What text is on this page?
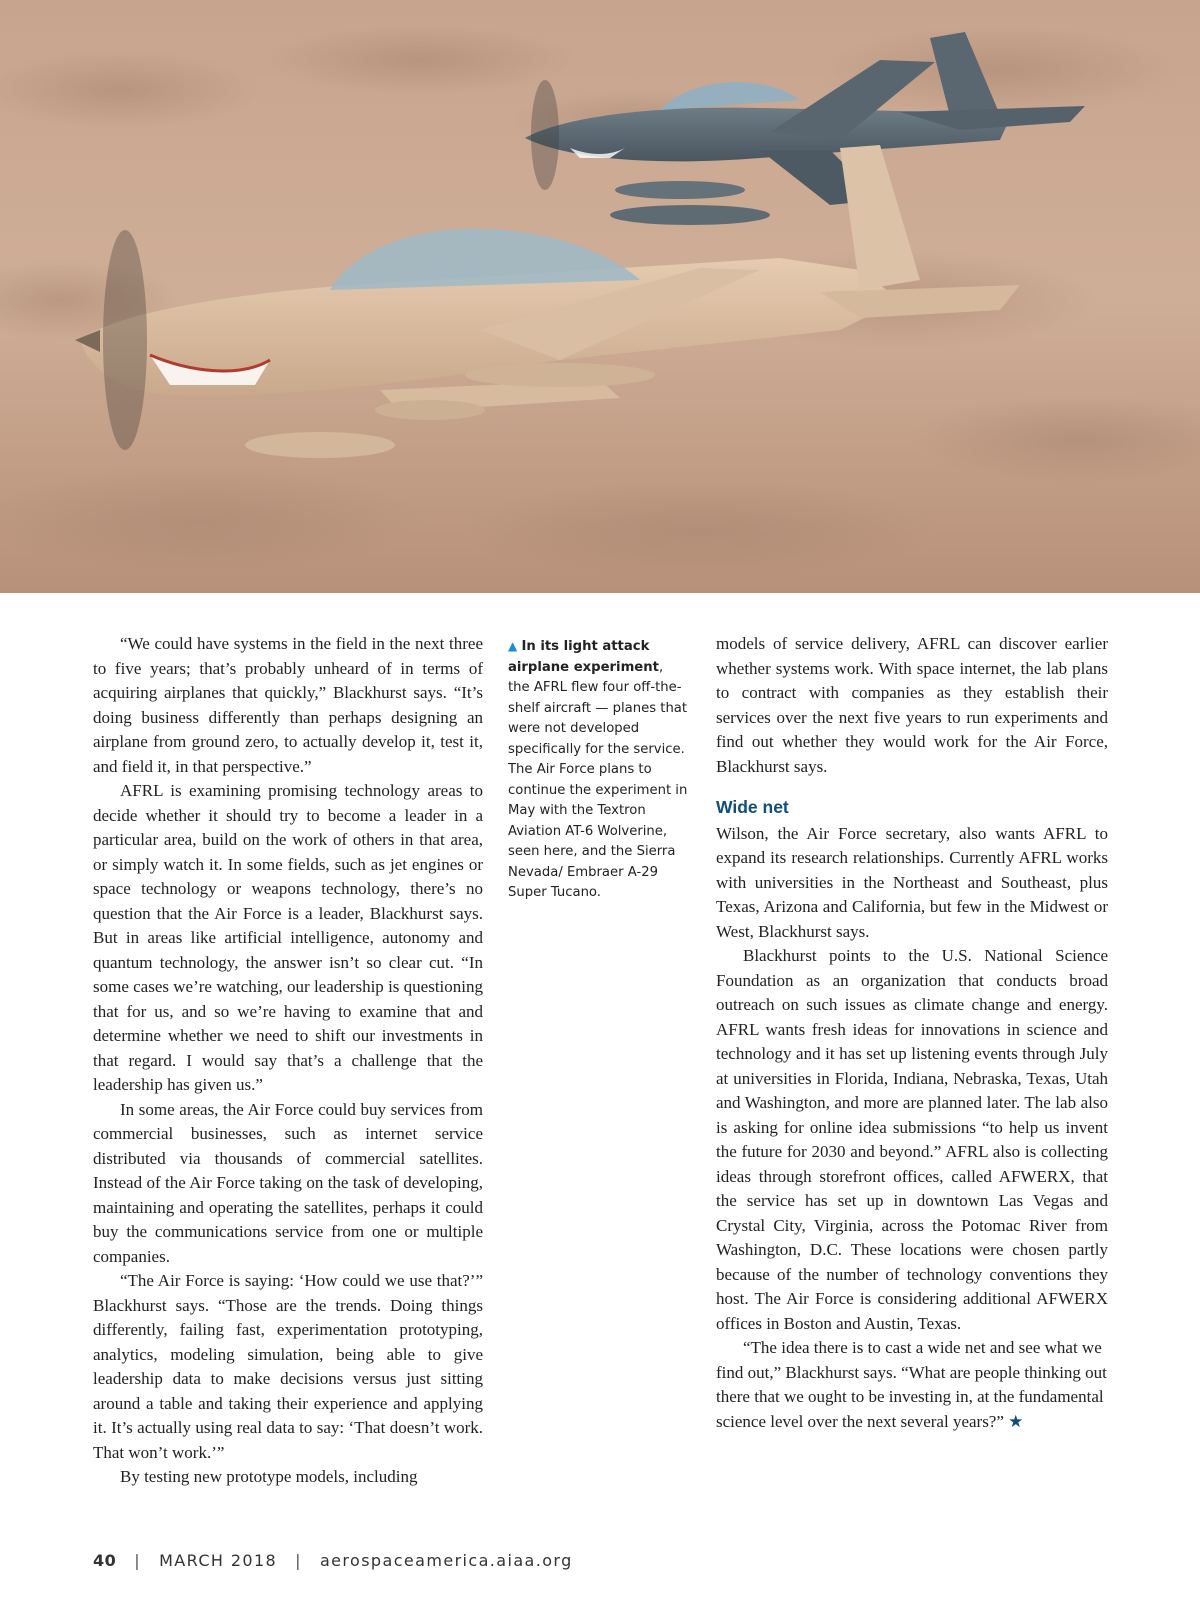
“We could have systems in the field in the next three to five years; that’s probably unheard of in terms of acquiring airplanes that quickly,” Blackhurst says. “It’s doing business differently than perhaps designing an airplane from ground zero, to actually develop it, test it, and field it, in that perspective.”

AFRL is examining promising technology areas to decide whether it should try to become a leader in a particular area, build on the work of others in that area, or simply watch it. In some fields, such as jet engines or space technology or weapons technology, there’s no question that the Air Force is a leader, Blackhurst says. But in areas like artificial intelligence, autonomy and quantum technology, the answer isn’t so clear cut. “In some cases we’re watching, our leadership is questioning that for us, and so we’re having to examine that and determine whether we need to shift our investments in that regard. I would say that’s a challenge that the leadership has given us.”

In some areas, the Air Force could buy services from commercial businesses, such as internet service distributed via thousands of commercial satellites. Instead of the Air Force taking on the task of developing, maintaining and operating the satellites, perhaps it could buy the communications service from one or multiple companies.

“The Air Force is saying: ‘How could we use that?’” Blackhurst says. “Those are the trends. Doing things differently, failing fast, experimentation prototyping, analytics, modeling simulation, being able to give leadership data to make decisions versus just sitting around a table and taking their experience and applying it. It’s actually using real data to say: ‘That doesn’t work. That won’t work.’”

By testing new prototype models, including

▲ In its light attack airplane experiment, the AFRL flew four off-the-shelf aircraft — planes that were not developed specifically for the service. The Air Force plans to continue the experiment in May with the Textron Aviation AT-6 Wolverine, seen here, and the Sierra Nevada/ Embraer A-29 Super Tucano.

models of service delivery, AFRL can discover earlier whether systems work. With space internet, the lab plans to contract with companies as they establish their services over the next five years to run experiments and find out whether they would work for the Air Force, Blackhurst says.

Wide net

Wilson, the Air Force secretary, also wants AFRL to expand its research relationships. Currently AFRL works with universities in the Northeast and Southeast, plus Texas, Arizona and California, but few in the Midwest or West, Blackhurst says.

Blackhurst points to the U.S. National Science Foundation as an organization that conducts broad outreach on such issues as climate change and energy. AFRL wants fresh ideas for innovations in science and technology and it has set up listening events through July at universities in Florida, Indiana, Nebraska, Texas, Utah and Washington, and more are planned later. The lab also is asking for online idea submissions “to help us invent the future for 2030 and beyond.” AFRL also is collecting ideas through storefront offices, called AFWERX, that the service has set up in downtown Las Vegas and Crystal City, Virginia, across the Potomac River from Washington, D.C. These locations were chosen partly because of the number of technology conventions they host. The Air Force is considering additional AFWERX offices in Boston and Austin, Texas.

“The idea there is to cast a wide net and see what we find out,” Blackhurst says. “What are people thinking out there that we ought to be investing in, at the fundamental science level over the next several years?” ★

40 | MARCH 2018 | aerospaceamerica.aiaa.org
